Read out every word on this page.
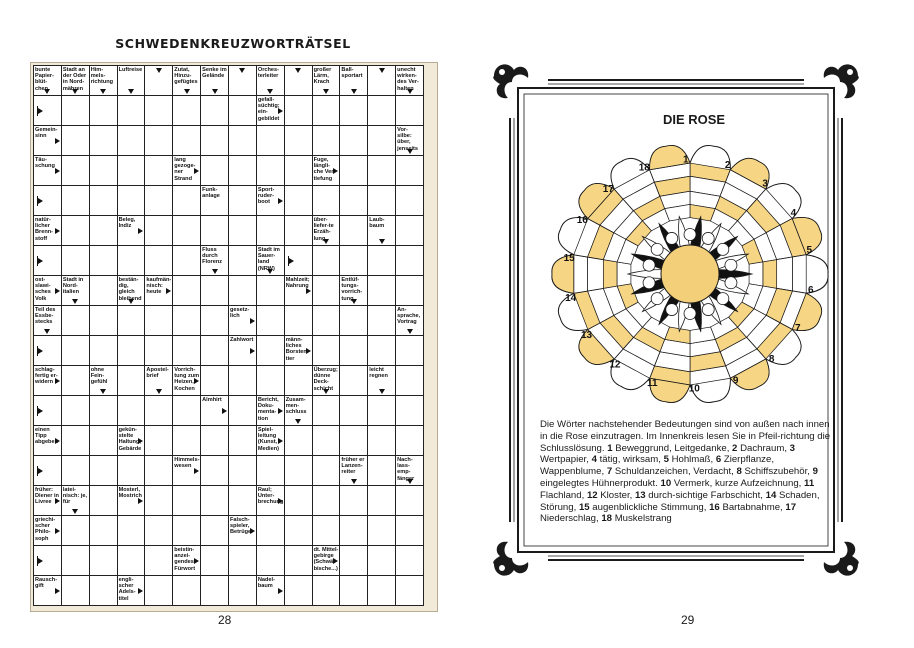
SCHWEDENKREUZWORTRÄTSEL
bunte Papier-blüt-chen
Stadt an der Oder in Nord-mähren
Him-mels-richtung
Luftreise	Zutat, Hinzu-gefügtes
Senke im Gelände
Orches-terleiter
großer Lärm, Krach
Ball-sportart
unecht wirken-des Ver-halten
gefall-süchtig; ein-gebildet
Gemein-sinn
Vor-silbe: über, jenseits
Täu-schung
lang gezoge-ner Strand
Fuge, längli-che Ver-tiefung
Funk-anlage
Sport-ruder-boot
natür-licher Brenn-stoff
Beleg, Indiz
über-liefer-te Erzäh-lung
Laub-baum
Fluss durch Florenz
Stadt im Sauer-land (NRW)
ost-slawi-sches Volk
Stadt in Nord-italien
bestän-dig, gleich bleibend
kaufmän-nisch: heute
Mahlzeit; Nahrung
Entlüf-tungs-vorrich-tung
Teil des Essbe-stecks
gesetz-lich
An-sprache, Vortrag
Zahlwort	männ-liches Borsten-tier
schlag-fertig er-widern
ohne Fein-gefühl
Apostel-brief
Vorrich-tung zum Heizen, Kochen
Überzug; dünne Deck-schicht
leicht regnen
Almhirt	Bericht, Doku-menta-tion
Zusam-men-schluss
einen Tipp abgeben
gekün-stelte Haltung, Gebärde
Spiel-leitung (Kunst, Medien)
Himmels-wesen
früher er Lanzen-reiter
Nach-lass-emp-fänger
früher: Diener in Livree
latei-nisch: je, für
Mosterl, Mostrich
Raul; Unter-brechung
griechi-scher Philo-soph
Falsch-spieler, Betrüger
beistin-anzei-gendes Fürwort
dt. Mittel-gebirge (Schwä-bische...)
Rausch-gift
engli-scher Adels-titel
Nadel-baum
28
DIE ROSE
1
2
3
4
5
6
7
8
9
10
11
12
13
14
15
16
17
18
Die Wörter nachstehender Bedeutungen sind von außen nach innen in die Rose einzutragen. Im Innenkreis lesen Sie in Pfeil-richtung die Schlusslösung. 1 Beweggrund, Leitgedanke, 2 Dachraum, 3 Wertpapier, 4 tätig, wirksam, 5 Hohlmaß, 6 Zierpflanze, Wappenblume, 7 Schuldanzeichen, Verdacht, 8 Schiffszubehör, 9 eingelegtes Hühnerprodukt. 10 Vermerk, kurze Aufzeichnung, 11 Flachland, 12 Kloster, 13 durch-sichtige Farbschicht, 14 Schaden, Störung, 15 augenblickliche Stimmung, 16 Bartabnahme, 17 Niederschlag, 18 Muskelstrang
29
